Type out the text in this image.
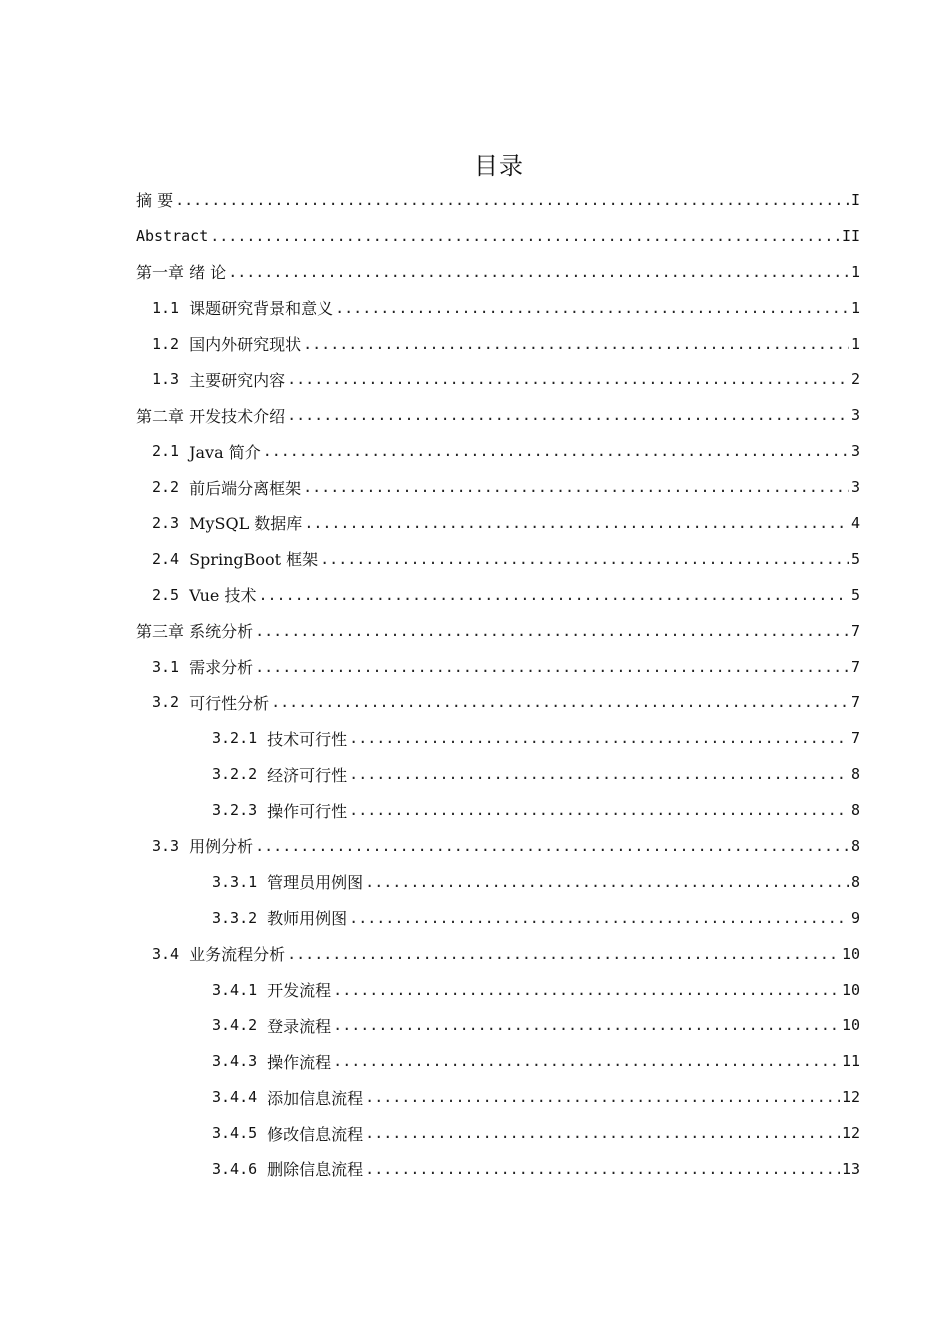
目录
摘 要 .....	I
Abstract .....	II
第一章 绪 论 .....	1
1.1 课题研究背景和意义 .....	1
1.2 国内外研究现状 .....	1
1.3 主要研究内容 .....	2
第二章 开发技术介绍 .....	3
2.1 Java 简介 .....	3
2.2 前后端分离框架 .....	3
2.3 MySQL 数据库 .....	4
2.4 SpringBoot 框架 .....	5
2.5 Vue 技术 .....	5
第三章 系统分析 .....	7
3.1 需求分析 .....	7
3.2 可行性分析 .....	7
3.2.1 技术可行性 .....	7
3.2.2 经济可行性 .....	8
3.2.3 操作可行性 .....	8
3.3 用例分析 .....	8
3.3.1 管理员用例图 .....	8
3.3.2 教师用例图 .....	9
3.4 业务流程分析 .....	10
3.4.1 开发流程 .....	10
3.4.2 登录流程 .....	10
3.4.3 操作流程 .....	11
3.4.4 添加信息流程 .....	12
3.4.5 修改信息流程 .....	12
3.4.6 删除信息流程 .....	13
